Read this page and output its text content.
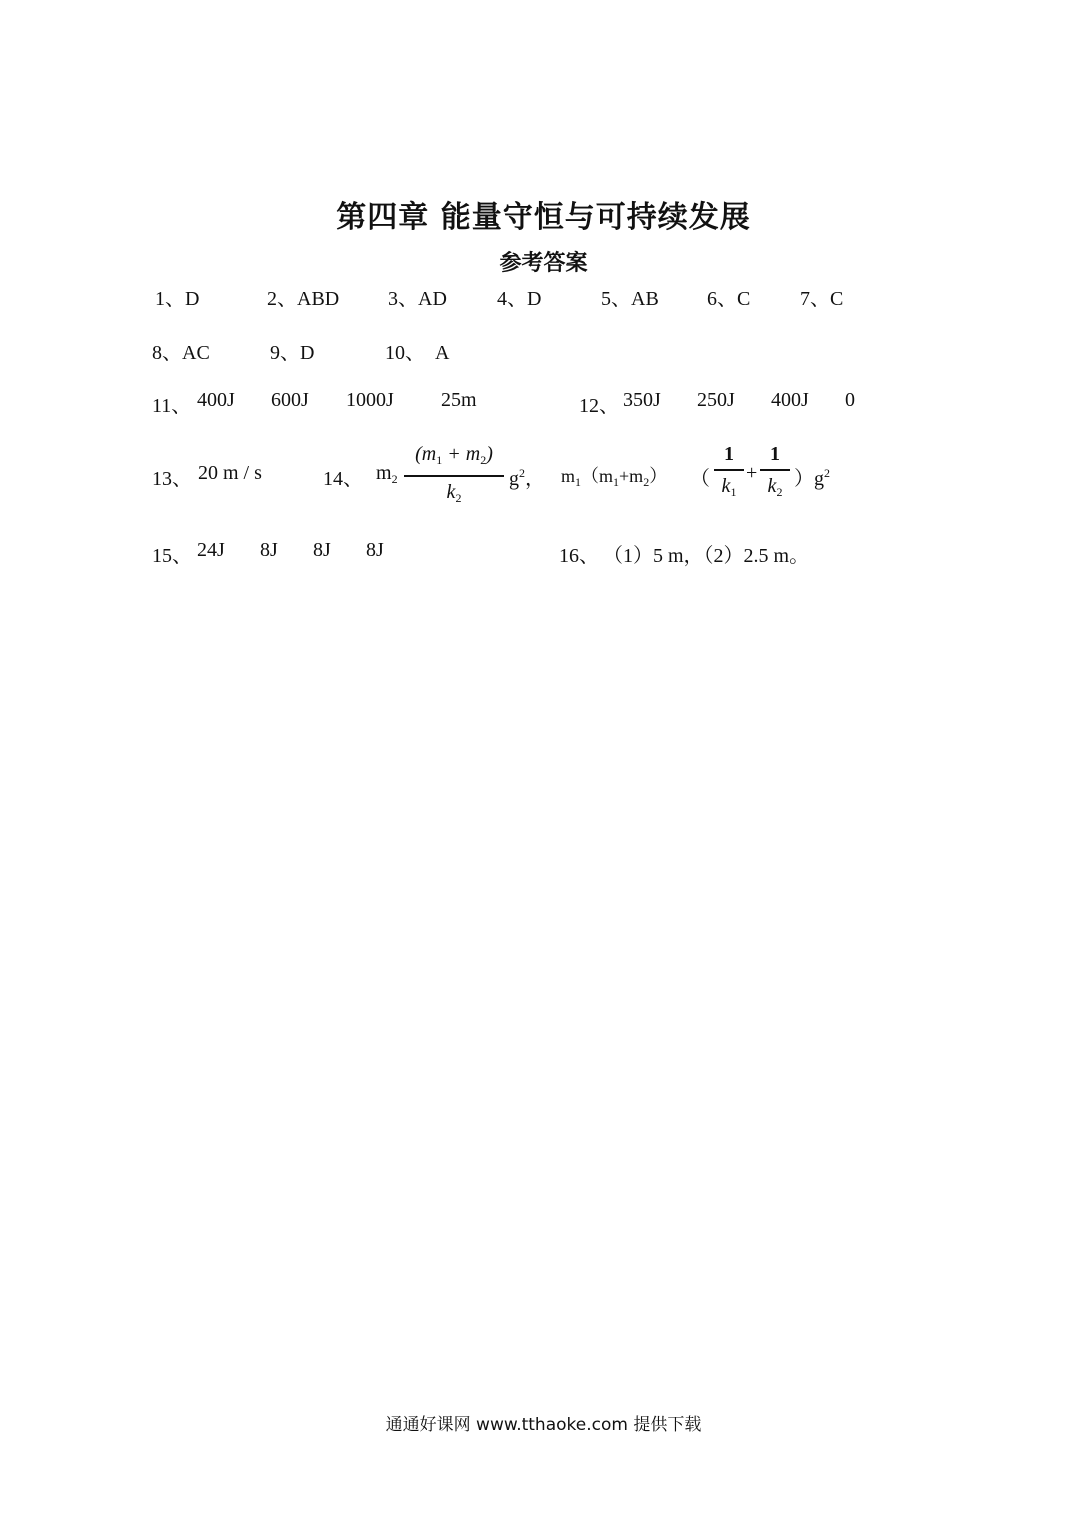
第四章 能量守恒与可持续发展
参考答案
1、D	2、ABD 3、AD	4、D	5、AB 6、C 7、C
8、AC	9、D	10、 A
11、 400J 600J 1000J 25m	12、 350J 250J 400J 0
13、 20 m / s	14、 $m_2$
$(m_1 + m_2)$
$k_2$
$g^2$， $m_1(m_1+m_2)$ （
1
$k_1$
+
1
$k_2$
）$g^2$
15、 24J 8J 8J 8J	16、 （1）5 m，（2）2.5 m。
通通好课网 www.tthaoke.com 提供下载
